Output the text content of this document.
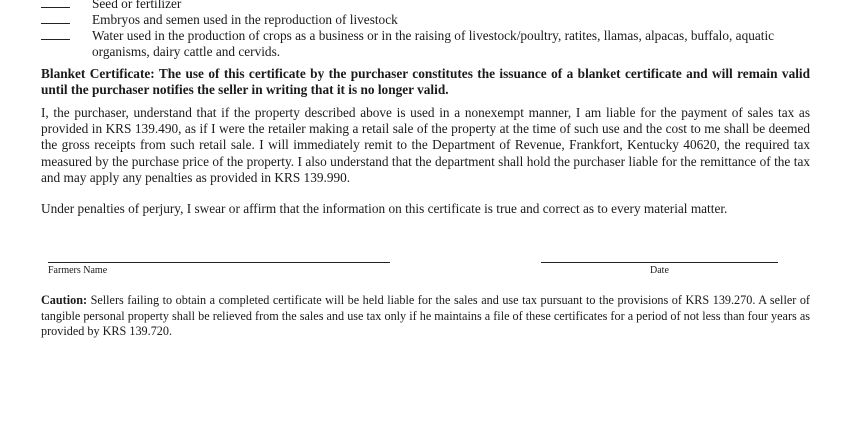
Seed or fertilizer
Embryos and semen used in the reproduction of livestock
Water used in the production of crops as a business or in the raising of livestock/poultry, ratites, llamas, alpacas, buffalo, aquatic
organisms, dairy cattle and cervids.

Blanket Certificate: The use of this certificate by the purchaser constitutes the issuance of a blanket certificate and will remain valid until the purchaser notifies the seller in writing that it is no longer valid.

I, the purchaser, understand that if the property described above is used in a nonexempt manner, I am liable for the payment of sales tax as provided in KRS 139.490, as if I were the retailer making a retail sale of the property at the time of such use and the cost to me shall be deemed the gross receipts from such retail sale. I will immediately remit to the Department of Revenue, Frankfort, Kentucky 40620, the required tax measured by the purchase price of the property. I also understand that the department shall hold the purchaser liable for the remittance of the tax and may apply any penalties as provided in KRS 139.990.

Under penalties of perjury, I swear or affirm that the information on this certificate is true and correct as to every material matter.

Farmers Name	Date

Caution: Sellers failing to obtain a completed certificate will be held liable for the sales and use tax pursuant to the provisions of KRS 139.270. A seller of tangible personal property shall be relieved from the sales and use tax only if he maintains a file of these certificates for a period of not less than four years as provided by KRS 139.720.
